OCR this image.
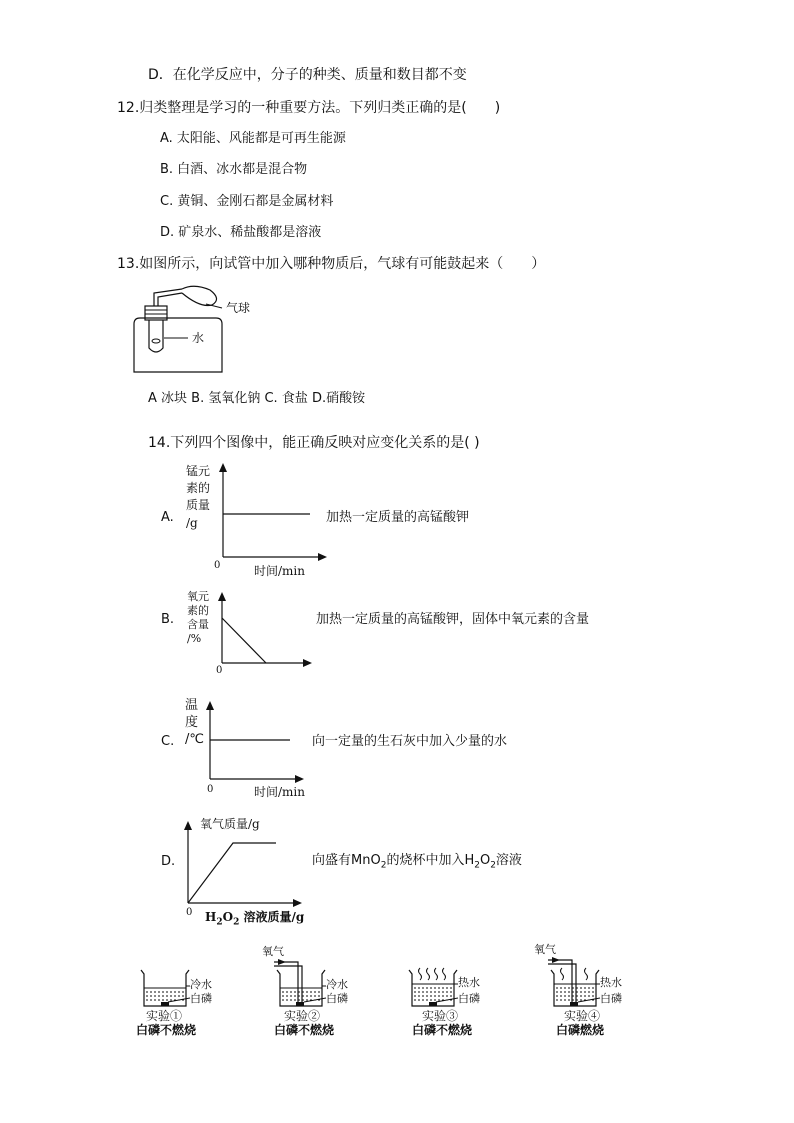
D．在化学反应中，分子的种类、质量和数目都不变
12.归类整理是学习的一种重要方法。下列归类正确的是(　　)
A. 太阳能、风能都是可再生能源
B. 白酒、冰水都是混合物
C. 黄铜、金刚石都是金属材料
D. 矿泉水、稀盐酸都是溶液
13.如图所示，向试管中加入哪种物质后，气球有可能鼓起来（　　）
气球
水
A 冰块 B. 氢氧化钠 C. 食盐 D.硝酸铵
14.下列四个图像中，能正确反映对应变化关系的是( )
A.
锰元
素的
质量
/g
0	时间/min
加热一定质量的高锰酸钾
B.
氧元
素的
含量
/%
0
加热一定质量的高锰酸钾，固体中氧元素的含量
C.
温
度
/℃
0	时间/min
向一定量的生石灰中加入少量的水
D.
氧气质量/g
0 $H_2O_2$ 溶液质量/g
向盛有MnO$_2$的烧杯中加入$H_2O_2$溶液
冷水
白磷
实验①
白磷不燃烧
氧气
冷水
白磷
实验②
白磷不燃烧
热水
白磷
实验③
白磷不燃烧
氧气
热水
白磷
实验④
白磷燃烧
